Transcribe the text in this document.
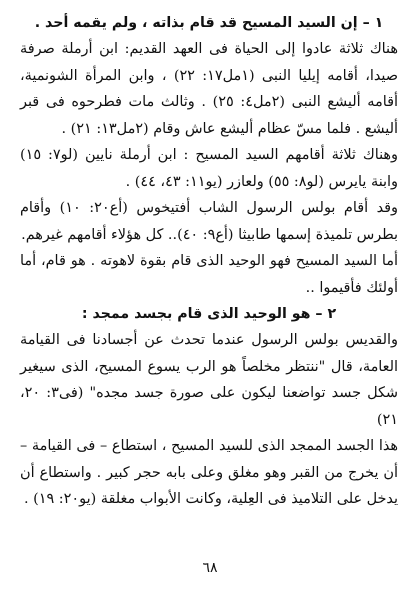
١ – إن السيد المسيح قد قام بذاته ، ولم يقمه أحد .

هناك ثلاثة عادوا إلى الحياة فى العهد القديم: ابن أرملة صرفة صيدا، أقامه إيليا النبى (١مل١٧: ٢٢) ، وابن المرأة الشونمية، أقامه أليشع النبى (٢مل٤: ٢٥) . وثالث مات فطرحوه فى قبر أليشع . فلما مسّ عظام أليشع عاش وقام (٢مل١٣: ٢١) .

وهناك ثلاثة أقامهم السيد المسيح : ابن أرملة نايين (لو٧: ١٥) وابنة يايرس (لو٨: ٥٥) ولعازر (يو١١: ٤٣، ٤٤) .

وقد أقام بولس الرسول الشاب أفتيخوس (أع٢٠: ١٠) وأقام بطرس تلميذة إسمها طابيثا (أع٩: ٤٠).. كل هؤلاء أقامهم غيرهم.

أما السيد المسيح فهو الوحيد الذى قام بقوة لاهوته . هو قام، أما أولئك فأقيموا ..

٢ – هو الوحيد الذى قام بجسد ممجد :

والقديس بولس الرسول عندما تحدث عن أجسادنا فى القيامة العامة، قال "ننتظر مخلصاً هو الرب يسوع المسيح، الذى سيغير شكل جسد تواضعنا ليكون على صورة جسد مجده" (فى٣: ٢٠، ٢١)

هذا الجسد الممجد الذى للسيد المسيح ، استطاع – فى القيامة – أن يخرج من القبر وهو مغلق وعلى بابه حجر كبير . واستطاع أن يدخل على التلاميذ فى العِلية، وكانت الأبواب مغلقة (يو٢٠: ١٩) .

٦٨
